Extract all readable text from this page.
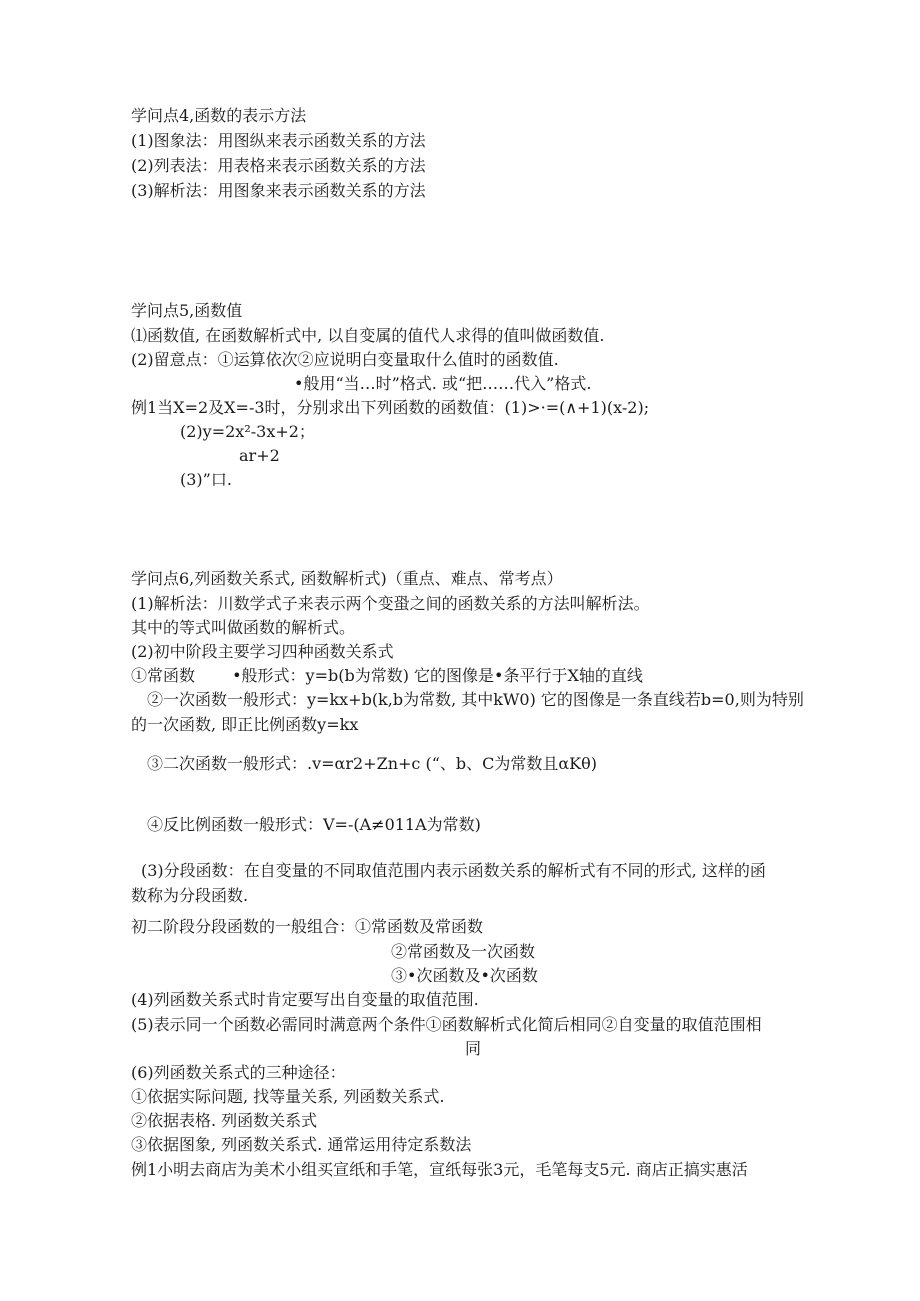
学问点4,函数的表示方法
(1)图象法：用图纵来表示函数关系的方法
(2)列表法：用表格来表示函数关系的方法
(3)解析法：用图象来表示函数关系的方法
学问点5,函数值
⑴函数值, 在函数解析式中, 以自变属的值代人求得的值叫做函数值.
(2)留意点：①运算依次②应说明白变量取什么值时的函数值.
•般用“当…时”格式. 或“把……代入”格式.
例1当X=2及X=-3时，分别求出下列函数的函数值：(1)>·=(∧+1)(x-2);
(2)y=2x²-3x+2；
ar+2
(3)”口.
学问点6,列函数关系式, 函数解析式)（重点、难点、常考点）
(1)解析法：川数学式子来表示两个变蛩之间的函数关系的方法叫解析法。
其中的等式叫做函数的解析式。
(2)初中阶段主要学习四种函数关系式
①常函数 　　•般形式：y=b(b为常数) 它的图像是•条平行于X轴的直线
②一次函数一般形式：y=kx+b(k,b为常数, 其中kW0) 它的图像是一条直线若b=0,则为特别
的一次函数, 即正比例函数y=kx
③二次函数一般形式：.v=αr2+Zn+c (“、b、C为常数且αKθ)
④反比例函数一般形式：V=-(A≠011A为常数)
(3)分段函数：在自变量的不同取值范围内表示函数关系的解析式有不同的形式, 这样的函
数称为分段函数.
初二阶段分段函数的一般组合：①常函数及常函数
②常函数及一次函数
③•次函数及•次函数
(4)列函数关系式时肯定要写出自变量的取值范围.
(5)表示同一个函数必需同时满意两个条件①函数解析式化简后相同②自变量的取值范围相
同
(6)列函数关系式的三种途径：
①依据实际问题, 找等量关系, 列函数关系式.
②依据表格. 列函数关系式
③依据图象, 列函数关系式. 通常运用待定系数法
例1小明去商店为美术小组买宣纸和手笔，宣纸每张3元，毛笔每支5元. 商店正搞实惠活
